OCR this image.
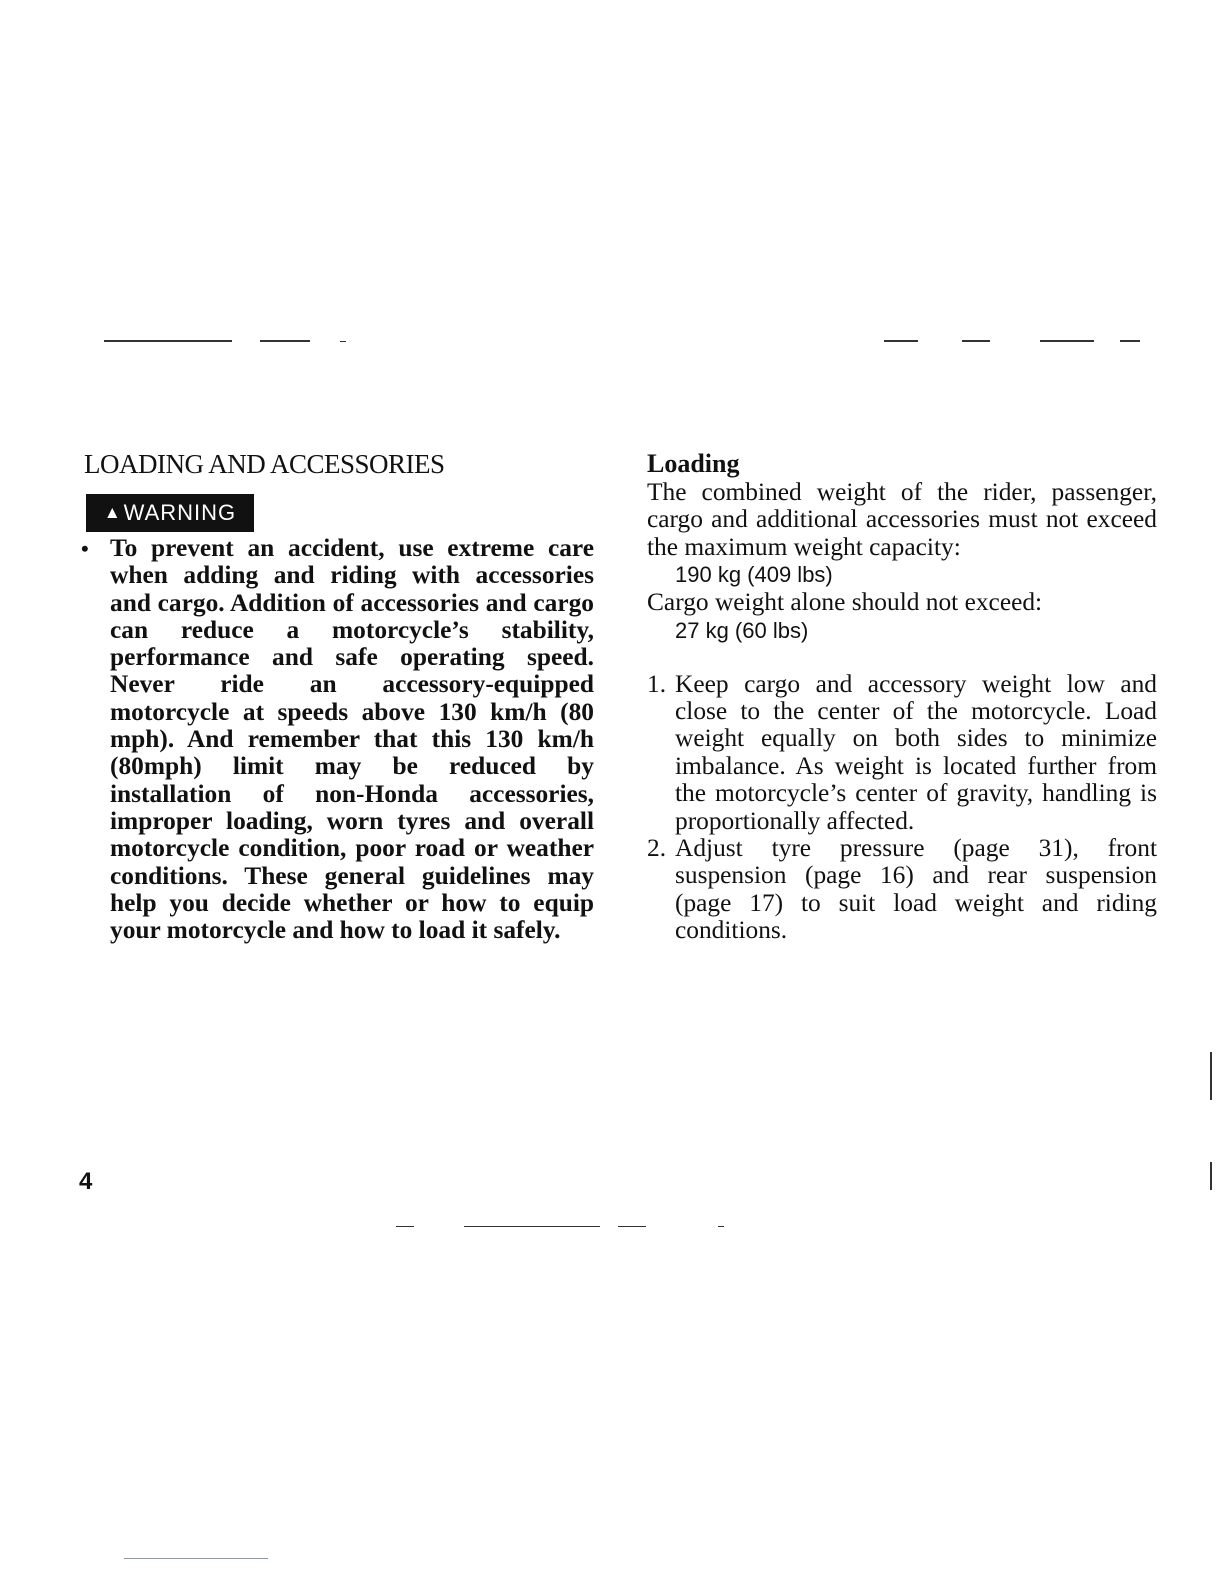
LOADING AND ACCESSORIES
▲ WARNING

• To prevent an accident, use extreme care when adding and riding with accessories and cargo. Addition of accessories and cargo can reduce a motorcycle’s stability, performance and safe operating speed. Never ride an accessory-equipped motorcycle at speeds above 130 km/h (80 mph). And remember that this 130 km/h (80mph) limit may be reduced by installation of non-Honda accessories, improper loading, worn tyres and overall motorcycle condition, poor road or weather conditions. These general guidelines may help you decide whether or how to equip your motorcycle and how to load it safely.

Loading

The combined weight of the rider, passenger, cargo and additional accessories must not exceed the maximum weight capacity:

190 kg (409 lbs)

Cargo weight alone should not exceed:

27 kg (60 lbs)

1. Keep cargo and accessory weight low and close to the center of the motorcycle. Load weight equally on both sides to minimize imbalance. As weight is located further from the motorcycle’s center of gravity, handling is proportionally affected.
2. Adjust tyre pressure (page 31), front suspension (page 16) and rear suspension (page 17) to suit load weight and riding conditions.
4
